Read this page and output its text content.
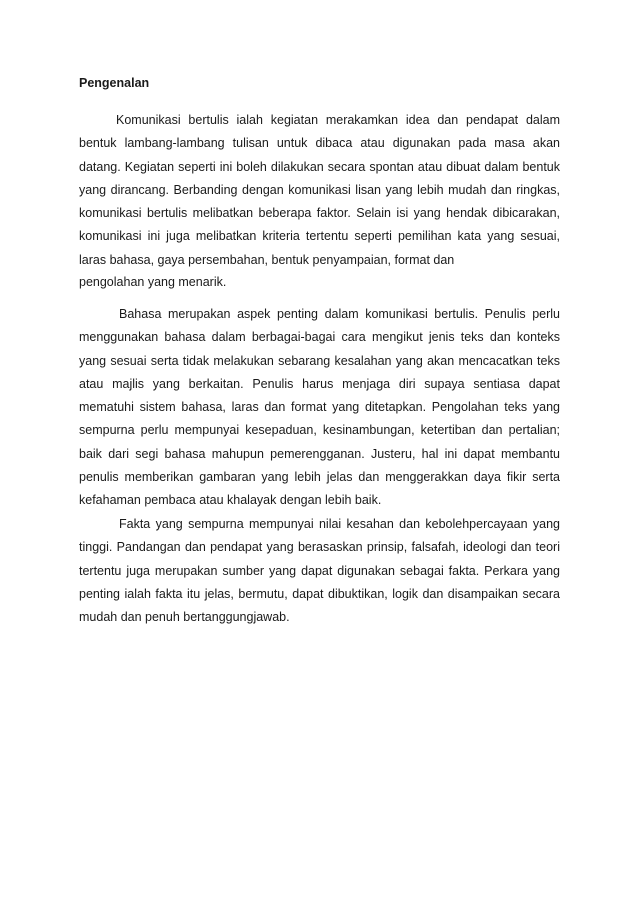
Pengenalan

Komunikasi bertulis ialah kegiatan merakamkan idea dan pendapat dalam bentuk lambang-lambang tulisan untuk dibaca atau digunakan pada masa akan datang. Kegiatan seperti ini boleh dilakukan secara spontan atau dibuat dalam bentuk yang dirancang. Berbanding dengan komunikasi lisan yang lebih mudah dan ringkas, komunikasi bertulis melibatkan beberapa faktor. Selain isi yang hendak dibicarakan, komunikasi ini juga melibatkan kriteria tertentu seperti pemilihan kata yang sesuai, laras bahasa, gaya persembahan, bentuk penyampaian, format dan

pengolahan yang menarik.

Bahasa merupakan aspek penting dalam komunikasi bertulis. Penulis perlu menggunakan bahasa dalam berbagai-bagai cara mengikut jenis teks dan konteks yang sesuai serta tidak melakukan sebarang kesalahan yang akan mencacatkan teks atau majlis yang berkaitan. Penulis harus menjaga diri supaya sentiasa dapat mematuhi sistem bahasa, laras dan format yang ditetapkan. Pengolahan teks yang sempurna perlu mempunyai kesepaduan, kesinambungan, ketertiban dan pertalian; baik dari segi bahasa mahupun pemerengganan. Justeru, hal ini dapat membantu penulis memberikan gambaran yang lebih jelas dan menggerakkan daya fikir serta kefahaman pembaca atau khalayak dengan lebih baik.

Fakta yang sempurna mempunyai nilai kesahan dan kebolehpercayaan yang tinggi. Pandangan dan pendapat yang berasaskan prinsip, falsafah, ideologi dan teori tertentu juga merupakan sumber yang dapat digunakan sebagai fakta. Perkara yang penting ialah fakta itu jelas, bermutu, dapat dibuktikan, logik dan disampaikan secara mudah dan penuh bertanggungjawab.
